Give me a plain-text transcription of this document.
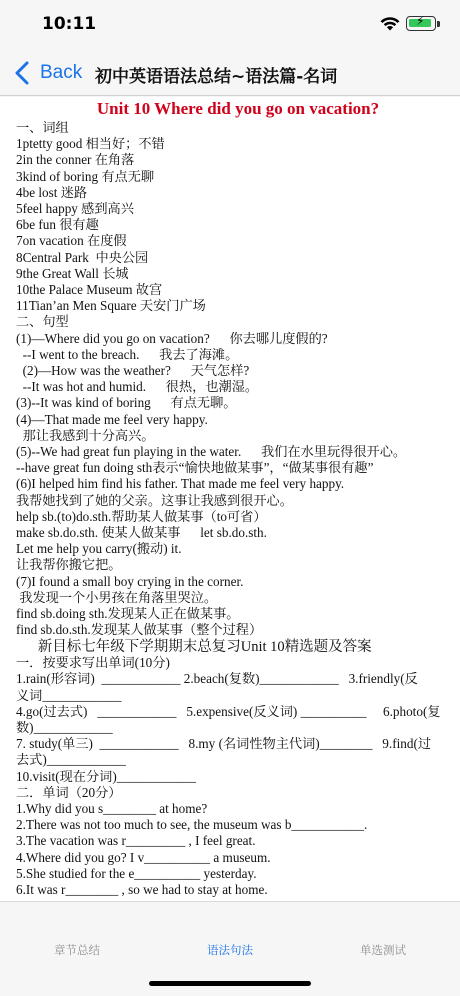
10:11	⚡
Back 初中英语语法总结~语法篇-名词
Unit 10 Where did you go on vacation?
一、词组
1ptetty good 相当好；不错
2in the conner 在角落
3kind of boring 有点无聊
4be lost 迷路
5feel happy 感到高兴
6be fun 很有趣
7on vacation 在度假
8Central Park  中央公园
9the Great Wall 长城
10the Palace Museum 故宫
11Tian’an Men Square 天安门广场
二、句型
(1)—Where did you go on vacation?      你去哪儿度假的?
--I went to the breach.      我去了海滩。
(2)—How was the weather?      天气怎样?
--It was hot and humid.      很热，也潮湿。
(3)--It was kind of boring      有点无聊。
(4)—That made me feel very happy.
那让我感到十分高兴。
(5)--We had great fun playing in the water.      我们在水里玩得很开心。
--have great fun doing sth表示“愉快地做某事”，“做某事很有趣”
(6)I helped him find his father. That made me feel very happy.
我帮她找到了她的父亲。这事让我感到很开心。
help sb.(to)do.sth.帮助某人做某事（to可省）
make sb.do.sth. 使某人做某事      let sb.do.sth.
Let me help you carry(搬动) it.
让我帮你搬它把。
(7)I found a small boy crying in the corner.
我发现一个小男孩在角落里哭泣。
find sb.doing sth.发现某人正在做某事。
find sb.do.sth.发现某人做某事（整个过程）
新目标七年级下学期期末总复习Unit 10精选题及答案
一．按要求写出单词(10分)
1.rain(形容词)  ____________ 2.beach(复数)____________   3.friendly(反
义词____________
4.go(过去式)   ____________   5.expensive(反义词) __________     6.photo(复
数)____________
7. study(单三)  ____________   8.my (名词性物主代词)________   9.find(过
去式)____________
10.visit(现在分词)____________
二．单词（20分）
1.Why did you s________ at home?
2.There was not too much to see, the museum was b___________.
3.The vacation was r_________ , I feel great.
4.Where did you go? I v__________ a museum.
5.She studied for the e__________ yesterday.
6.It was r________ , so we had to stay at home.
章节总结	语法句法	单选测试
